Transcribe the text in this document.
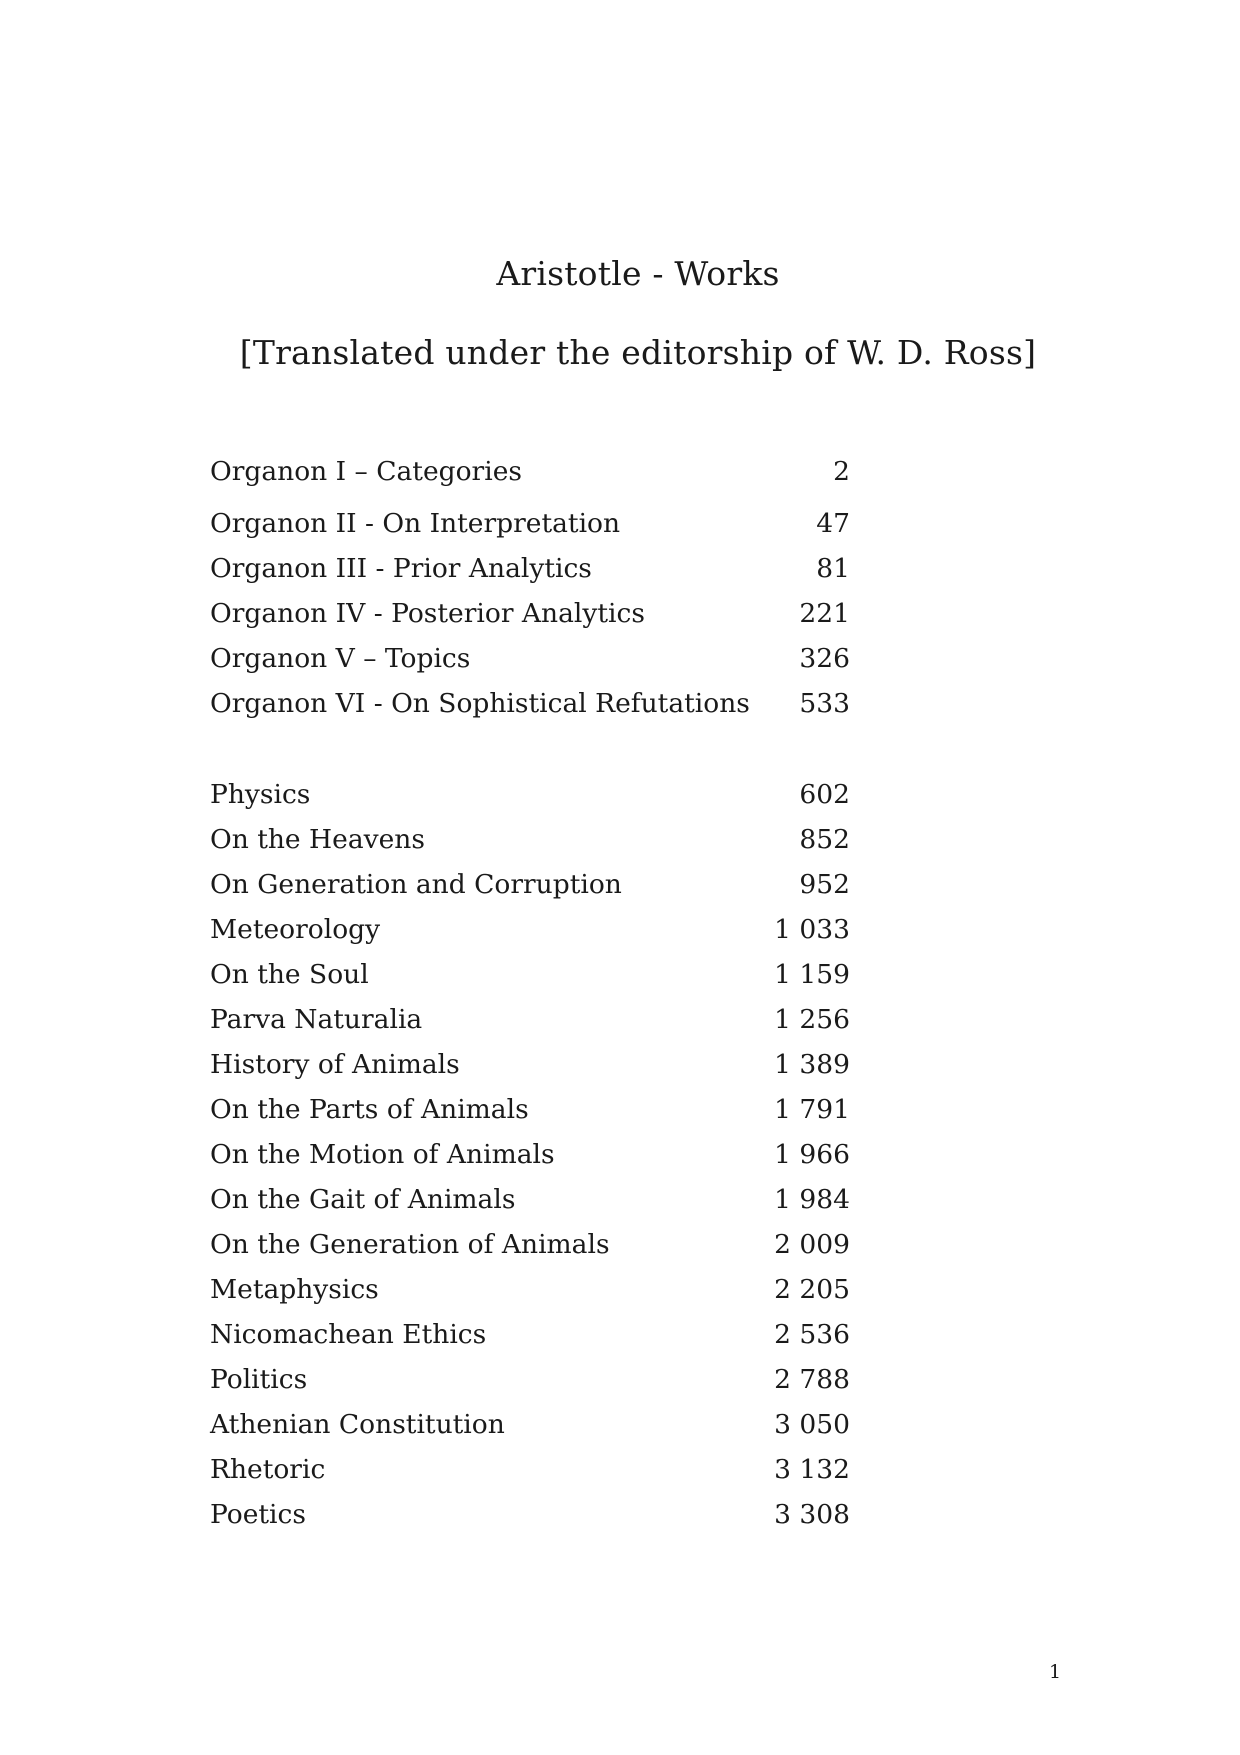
Aristotle - Works
[Translated under the editorship of W. D. Ross]
Organon I – Categories	2
Organon II - On Interpretation	47
Organon III - Prior Analytics	81
Organon IV - Posterior Analytics	221
Organon V – Topics	326
Organon VI - On Sophistical Refutations 533
Physics	602
On the Heavens	852
On Generation and Corruption	952
Meteorology	1 033
On the Soul	1 159
Parva Naturalia	1 256
History of Animals	1 389
On the Parts of Animals	1 791
On the Motion of Animals	1 966
On the Gait of Animals	1 984
On the Generation of Animals	2 009
Metaphysics	2 205
Nicomachean Ethics	2 536
Politics	2 788
Athenian Constitution	3 050
Rhetoric	3 132
Poetics	3 308
1
